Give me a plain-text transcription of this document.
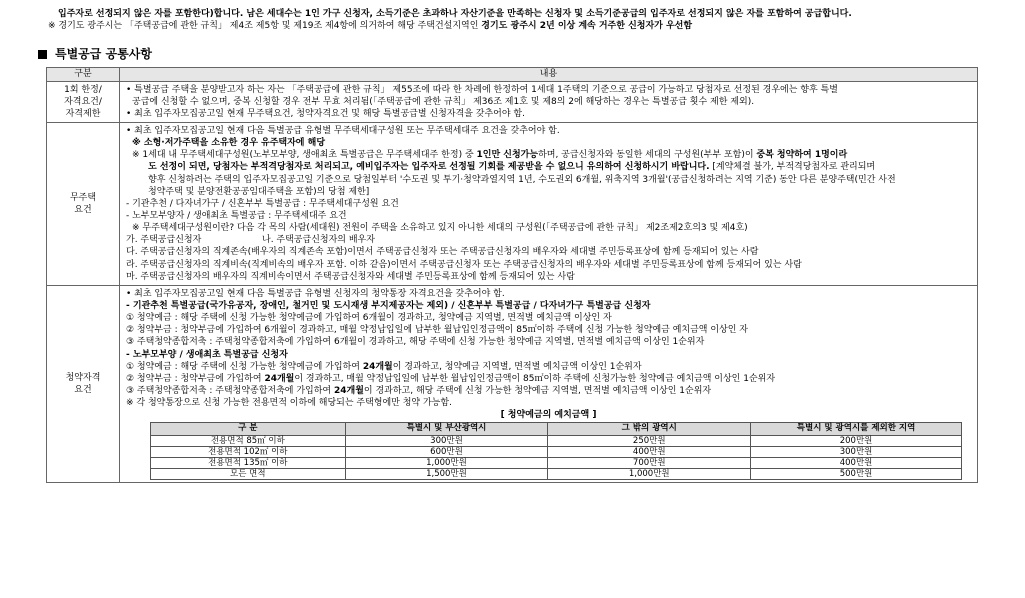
입주자로 선정되지 않은 자를 포함한다)합니다. 남은 세대수는 1인 가구 신청자, 소득기준은 초과하나 자산기준을 만족하는 신청자 및 소득기준공급의 입주자로 선정되지 않은 자를 포함하여 공급합니다.
※ 경기도 광주시는 「주택공급에 관한 규칙」 제4조 제5항 및 제19조 제4항에 의거하여 해당 주택건설지역인 경기도 광주시 2년 이상 계속 거주한 신청자가 우선함
특별공급 공통사항
구분	내용

1회 한정/
자격요건/
자격제한

• 특별공급 주택을 분양받고자 하는 자는 「주택공급에 관한 규칙」 제55조에 따라 한 차례에 한정하여 1세대 1주택의 기준으로 공급이 가능하고 당첨자로 선정된 경우에는 향후 특별
공급에 신청할 수 없으며, 중복 신청할 경우 전부 무효 처리됨(「주택공급에 관한 규칙」 제36조 제1호 및 제8의 2에 해당하는 경우는 특별공급 횟수 제한 제외).
• 최초 입주자모집공고일 현재 무주택요건, 청약자격요건 및 해당 특별공급별 신청자격을 갖추어야 함.

무주택
요건

• 최초 입주자모집공고일 현재 다음 특별공급 유형별 무주택세대구성원 또는 무주택세대주 요건을 갖추어야 함.
※ 소형·저가주택을 소유한 경우 유주택자에 해당
※ 1세대 내 무주택세대구성원(노부모부양, 생애최초 특별공급은 무주택세대주 한정) 중 1인만 신청가능하며, 공급신청자와 동일한 세대의 구성원(부부 포함)이 중복 청약하여 1명이라
도 선정이 되면, 당첨자는 부적격당첨자로 처리되고, 예비입주자는 입주자로 선정될 기회를 제공받을 수 없으니 유의하여 신청하시기 바랍니다. [계약체결 불가, 부적격당첨자로 관리되며
향후 신청하려는 주택의 입주자모집공고일 기준으로 당첨일부터 '수도권 및 투기·청약과열지역 1년, 수도권외 6개월, 위축지역 3개월'(공급신청하려는 지역 기준) 동안 다른 분양주택(민간 사전
청약주택 및 분양전환공공임대주택을 포함)의 당첨 제한]
- 기관추천 / 다자녀가구 / 신혼부부 특별공급 : 무주택세대구성원 요건
- 노부모부양자 / 생애최초 특별공급 : 무주택세대주 요건
※ 무주택세대구성원이란? 다음 각 목의 사람(세대원) 전원이 주택을 소유하고 있지 아니한 세대의 구성원(「주택공급에 관한 규칙」 제2조제2호의3 및 제4호)
가. 주택공급신청자	나. 주택공급신청자의 배우자
다. 주택공급신청자의 직계존속(배우자의 직계존속 포함)이면서 주택공급신청자 또는 주택공급신청자의 배우자와 세대별 주민등록표상에 함께 등재되어 있는 사람
라. 주택공급신청자의 직계비속(직계비속의 배우자 포함. 이하 같음)이면서 주택공급신청자 또는 주택공급신청자의 배우자와 세대별 주민등록표상에 함께 등재되어 있는 사람
마. 주택공급신청자의 배우자의 직계비속이면서 주택공급신청자와 세대별 주민등록표상에 함께 등재되어 있는 사람

청약자격
요건

• 최초 입주자모집공고일 현재 다음 특별공급 유형별 신청자의 청약통장 자격요건을 갖추어야 함.
- 기관추천 특별공급(국가유공자, 장애인, 철거민 및 도시재생 부지제공자는 제외) / 신혼부부 특별공급 / 다자녀가구 특별공급 신청자
① 청약예금 : 해당 주택에 신청 가능한 청약예금에 가입하여 6개월이 경과하고, 청약예금 지역별, 면적별 예치금액 이상인 자
② 청약부금 : 청약부금에 가입하여 6개월이 경과하고, 매월 약정납입일에 납부한 월납입인정금액이 85㎡이하 주택에 신청 가능한 청약예금 예치금액 이상인 자
③ 주택청약종합저축 : 주택청약종합저축에 가입하여 6개월이 경과하고, 해당 주택에 신청 가능한 청약예금 지역별, 면적별 예치금액 이상인 1순위자
- 노부모부양 / 생애최초 특별공급 신청자
① 청약예금 : 해당 주택에 신청 가능한 청약예금에 가입하여 24개월이 경과하고, 청약예금 지역별, 면적별 예치금액 이상인 1순위자
② 청약부금 : 청약부금에 가입하여 24개월이 경과하고, 매월 약정납입일에 납부한 월납입인정금액이 85㎡이하 주택에 신청가능한 청약예금 예치금액 이상인 1순위자
③ 주택청약종합저축 : 주택청약종합저축에 가입하여 24개월이 경과하고, 해당 주택에 신청 가능한 청약예금 지역별, 면적별 예치금액 이상인 1순위자
※ 각 청약통장으로 신청 가능한 전용면적 이하에 해당되는 주택형에만 청약 가능함.
[ 청약예금의 예치금액 ]
구 분	특별시 및 부산광역시	그 밖의 광역시	특별시 및 광역시를 제외한 지역
전용면적 85㎡ 이하	300만원	250만원	200만원
전용면적 102㎡ 이하	600만원	400만원	300만원
전용면적 135㎡ 이하	1,000만원	700만원	400만원
모든 면적	1,500만원	1,000만원	500만원
